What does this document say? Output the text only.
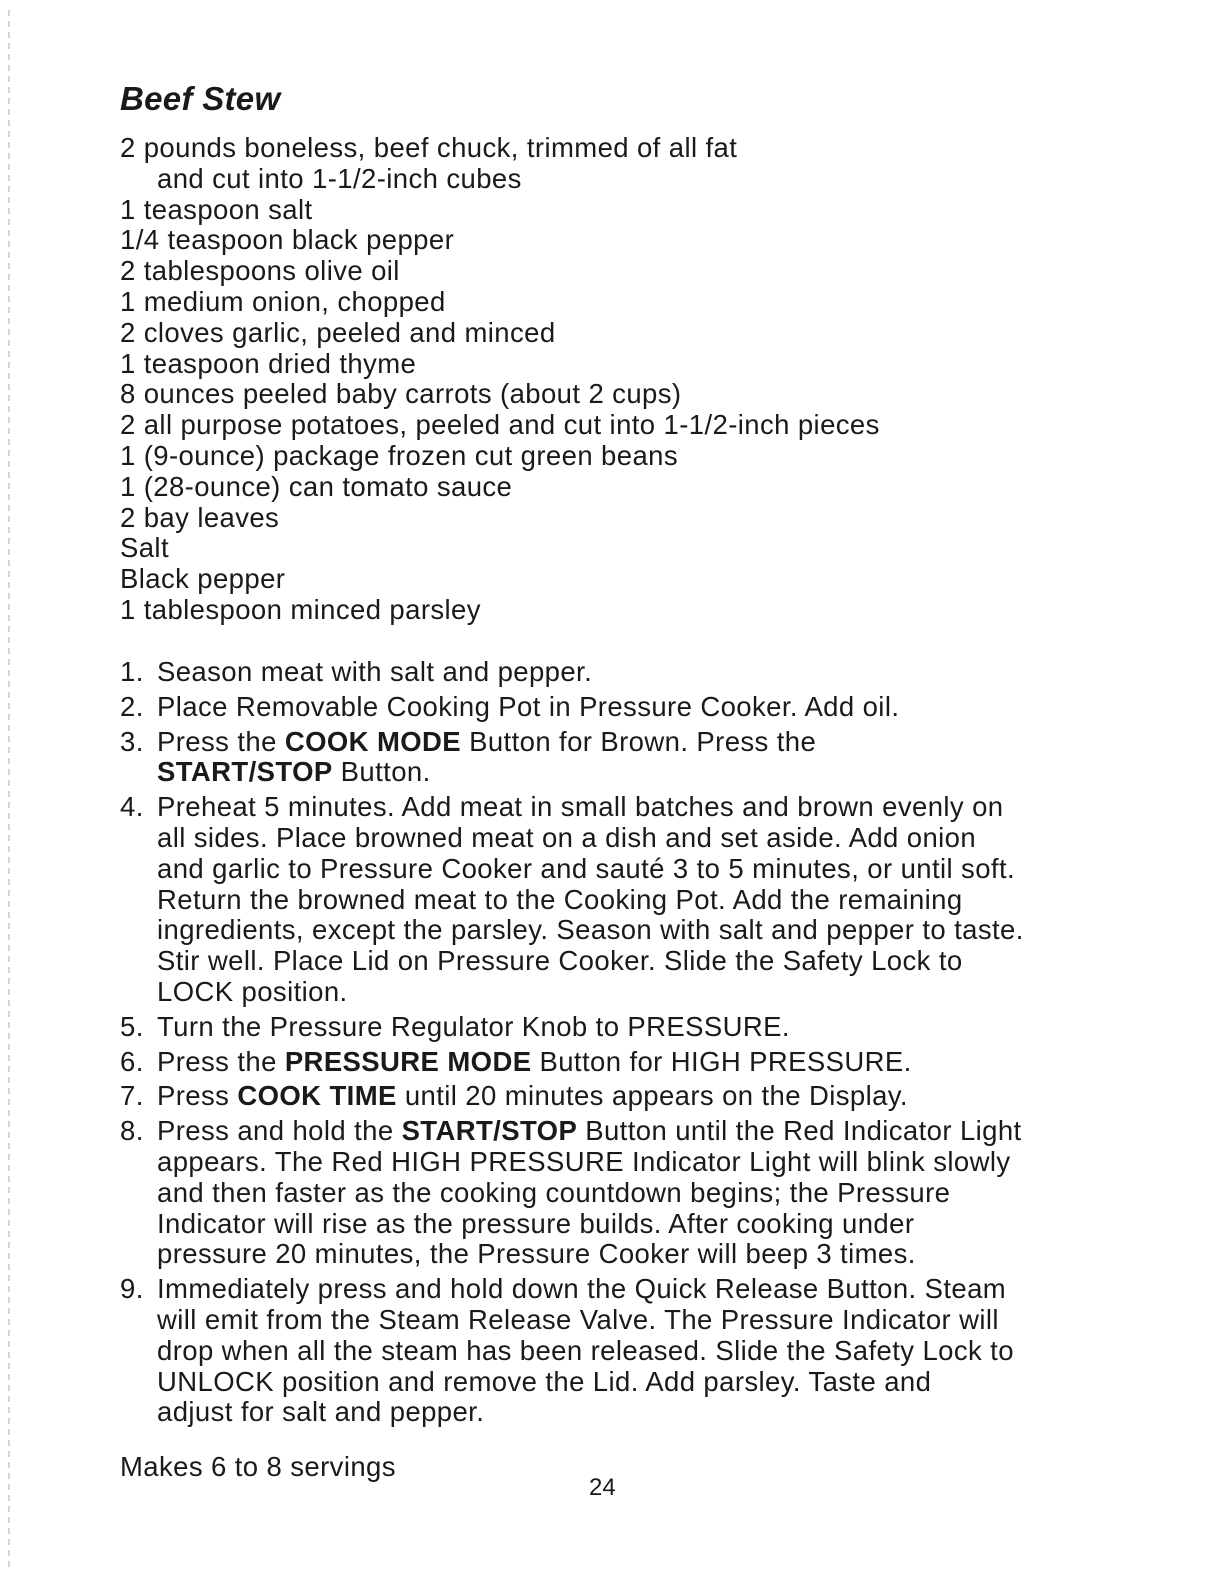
Beef Stew
2 pounds boneless, beef chuck, trimmed of all fat
and cut into 1-1/2-inch cubes
1 teaspoon salt
1/4 teaspoon black pepper
2 tablespoons olive oil
1 medium onion, chopped
2 cloves garlic, peeled and minced
1 teaspoon dried thyme
8 ounces peeled baby carrots (about 2 cups)
2 all purpose potatoes, peeled and cut into 1-1/2-inch pieces
1 (9-ounce) package frozen cut green beans
1 (28-ounce) can tomato sauce
2 bay leaves
Salt
Black pepper
1 tablespoon minced parsley
1. Season meat with salt and pepper.
2. Place Removable Cooking Pot in Pressure Cooker. Add oil.
3. Press the COOK MODE Button for Brown. Press the
START/STOP Button.
4. Preheat 5 minutes. Add meat in small batches and brown evenly on
all sides. Place browned meat on a dish and set aside. Add onion
and garlic to Pressure Cooker and sauté 3 to 5 minutes, or until soft.
Return the browned meat to the Cooking Pot. Add the remaining
ingredients, except the parsley. Season with salt and pepper to taste.
Stir well. Place Lid on Pressure Cooker. Slide the Safety Lock to
LOCK position.
5. Turn the Pressure Regulator Knob to PRESSURE.
6. Press the PRESSURE MODE Button for HIGH PRESSURE.
7. Press COOK TIME until 20 minutes appears on the Display.
8. Press and hold the START/STOP Button until the Red Indicator Light
appears. The Red HIGH PRESSURE Indicator Light will blink slowly
and then faster as the cooking countdown begins; the Pressure
Indicator will rise as the pressure builds. After cooking under
pressure 20 minutes, the Pressure Cooker will beep 3 times.
9. Immediately press and hold down the Quick Release Button. Steam
will emit from the Steam Release Valve. The Pressure Indicator will
drop when all the steam has been released. Slide the Safety Lock to
UNLOCK position and remove the Lid. Add parsley. Taste and
adjust for salt and pepper.

Makes 6 to 8 servings

24
